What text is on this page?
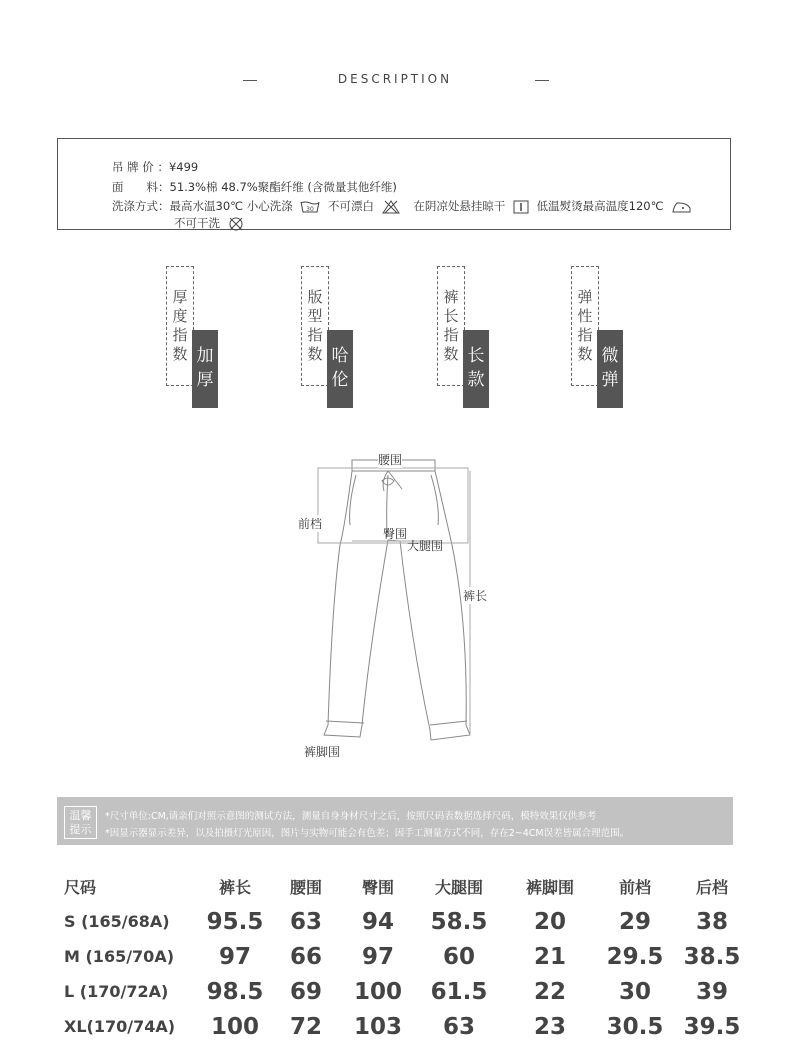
DESCRIPTION
吊 牌 价 ：¥499
面　　料：51.3%棉 48.7%聚酯纤维 (含微量其他纤维)
洗涤方式：最高水温30℃ 小心洗涤 30 不可漂白	在阴凉处悬挂晾干	低温熨烫最高温度120℃
不可干洗
厚度指数 加厚
版型指数 哈伦
裤长指数 长款
弹性指数 微弹
腰围
前档
臀围
大腿围
裤长
裤脚围
温馨
提示
*尺寸单位:CM,请亲们对照示意图的测试方法，测量自身身材尺寸之后，按照尺码表数据选择尺码，模特效果仅供参考
*因显示器显示差异，以及拍摄灯光原因，图片与实物可能会有色差；因手工测量方式不同，存在2~4CM误差皆属合理范围。
尺码	裤长	腰围	臀围	大腿围	裤脚围	前档	后档
S (165/68A)	95.5	63	94	58.5	20	29	38
M (165/70A)	97	66	97	60	21	29.5	38.5
L (170/72A)	98.5	69	100	61.5	22	30	39
XL(170/74A)	100	72	103	63	23	30.5	39.5
